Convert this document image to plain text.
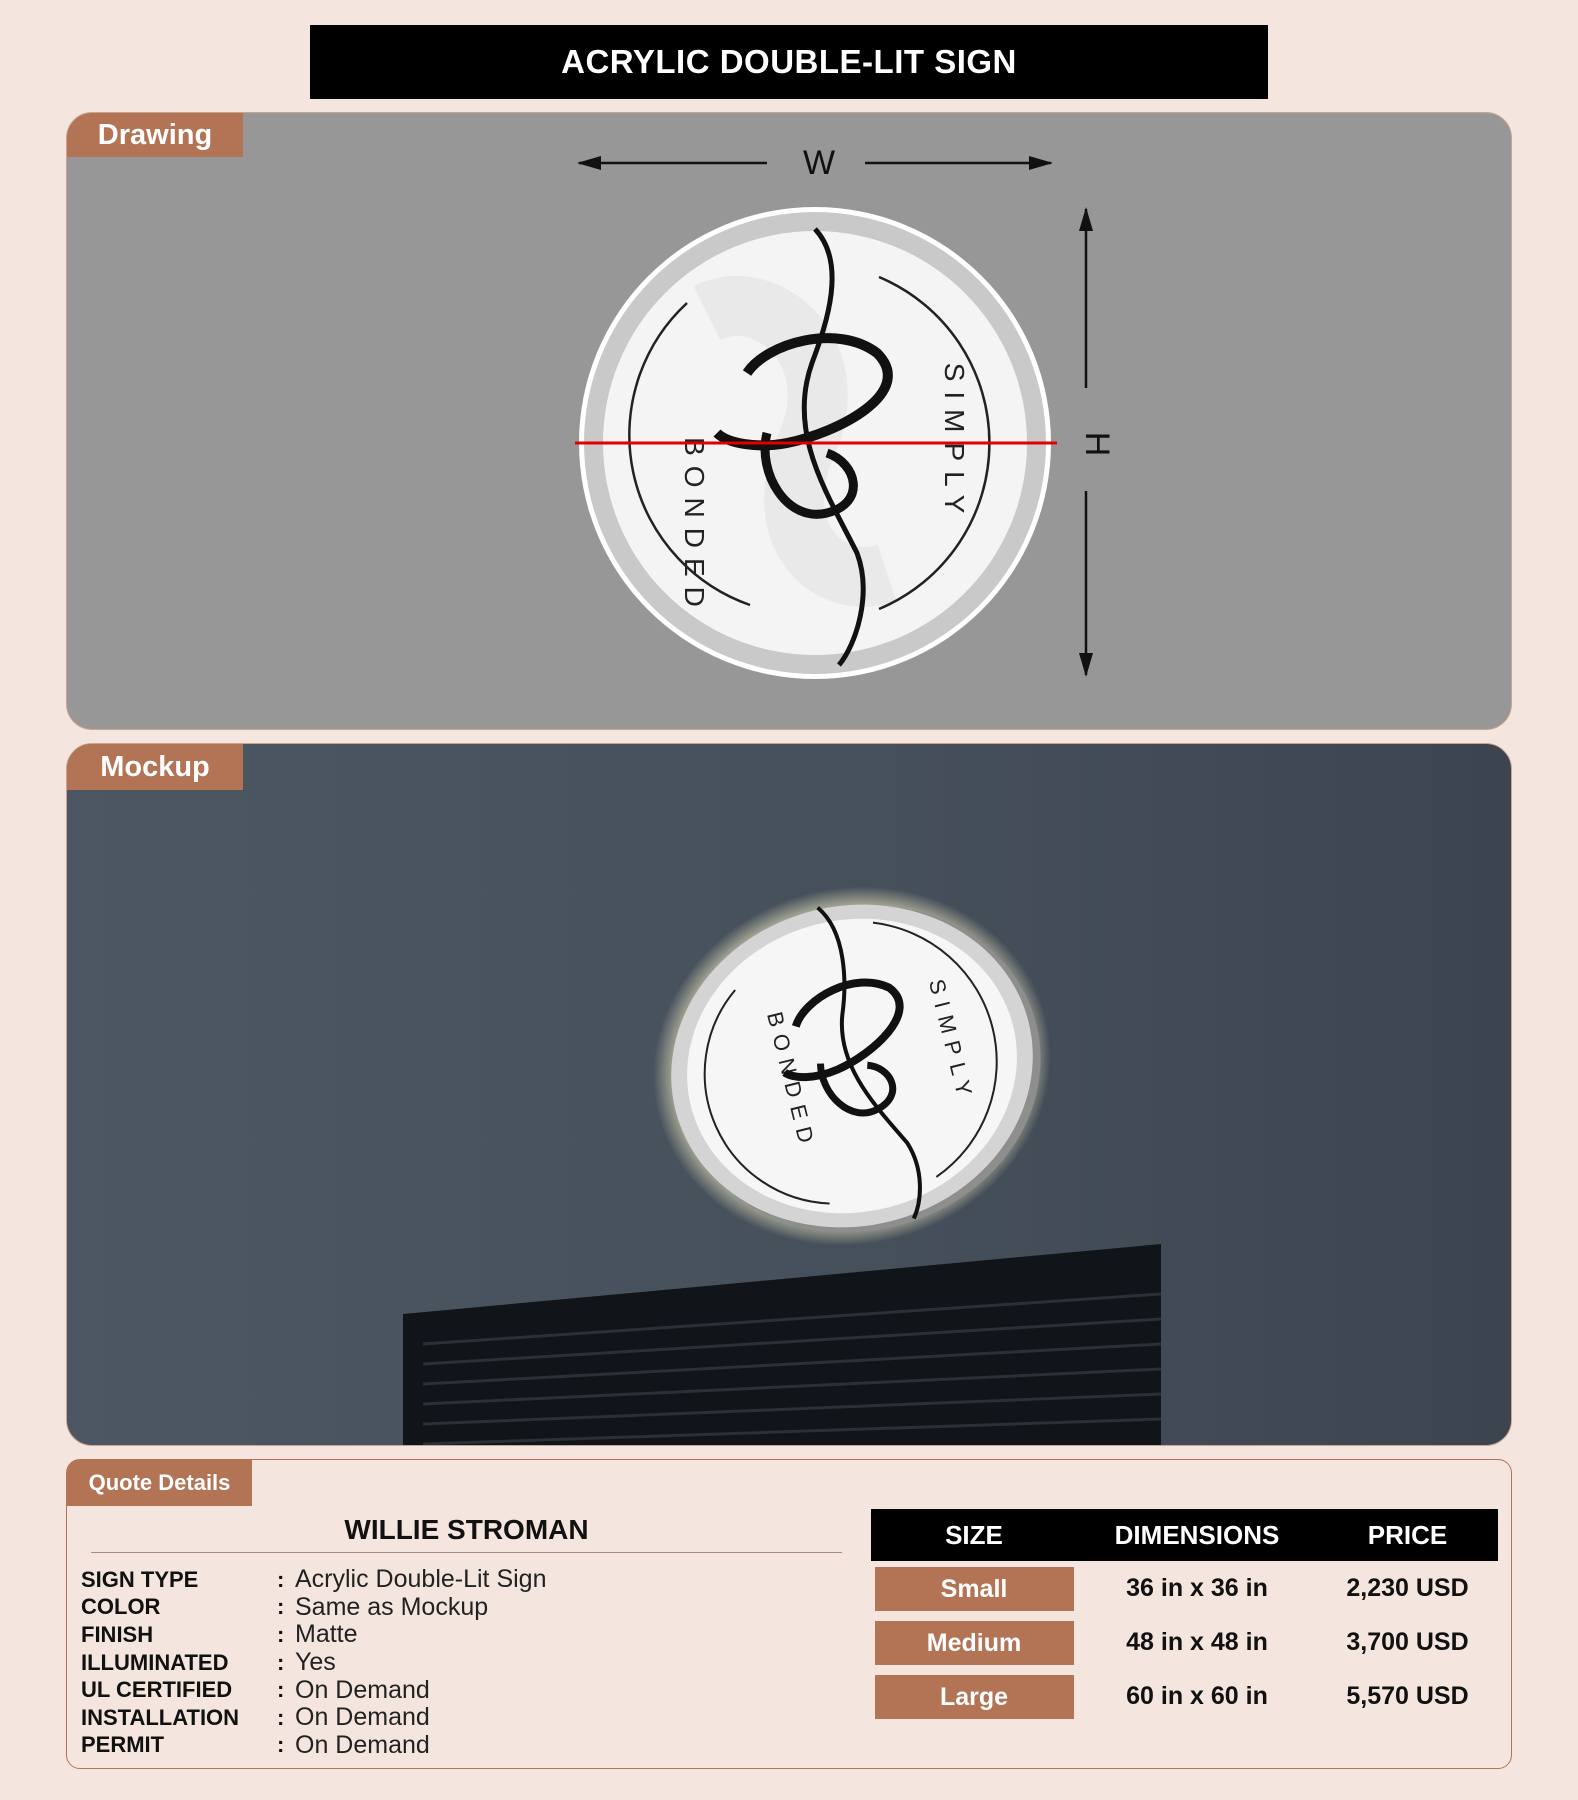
ACRYLIC DOUBLE-LIT SIGN
Drawing
W
H
BONDED	SIMPLY
Mockup
BONDED	SIMPLY
Quote Details
WILLIE STROMAN
SIGN TYPE	: Acrylic Double-Lit Sign
COLOR	: Same as Mockup
FINISH	: Matte
ILLUMINATED	: Yes
UL CERTIFIED	: On Demand
INSTALLATION	: On Demand
PERMIT	: On Demand
SIZE	DIMENSIONS	PRICE
Small	36 in x 36 in	2,230 USD
Medium	48 in x 48 in	3,700 USD
Large	60 in x 60 in	5,570 USD
